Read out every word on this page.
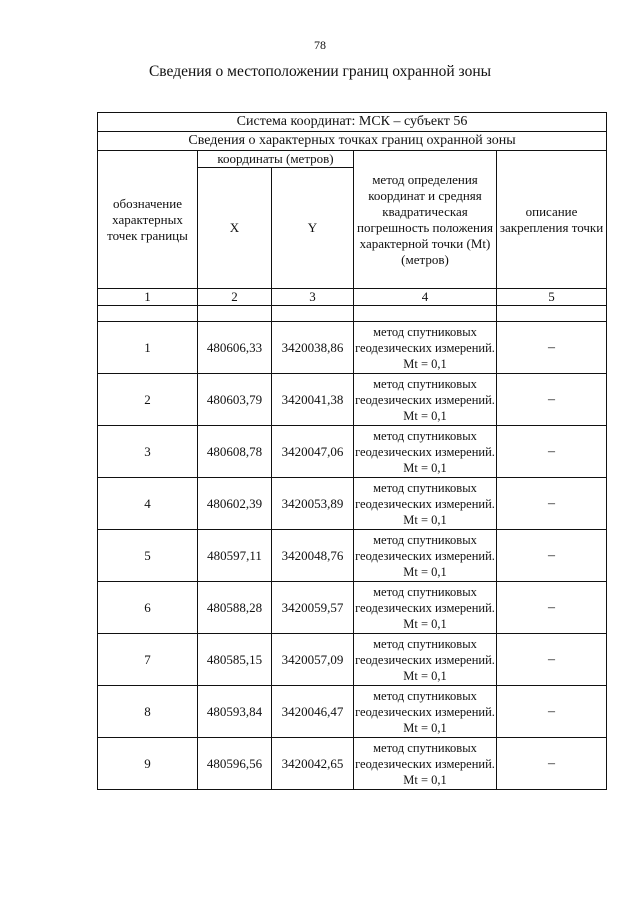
78
Сведения о местоположении границ охранной зоны
Система координат: МСК – субъект 56				
Сведения о характерных точках границ охранной зоны				
обозначение характерных точек границы	координаты (метров)		метод определения координат и средняя квадратическая погрешность положения характерной точки (Mt) (метров)	описание закрепления точки
	X	Y		
1	2	3	4	5

1	480606,33	3420038,86	метод спутниковых геодезических измерений. Mt = 0,1	–
2	480603,79	3420041,38	метод спутниковых геодезических измерений. Mt = 0,1	–
3	480608,78	3420047,06	метод спутниковых геодезических измерений. Mt = 0,1	–
4	480602,39	3420053,89	метод спутниковых геодезических измерений. Mt = 0,1	–
5	480597,11	3420048,76	метод спутниковых геодезических измерений. Mt = 0,1	–
6	480588,28	3420059,57	метод спутниковых геодезических измерений. Mt = 0,1	–
7	480585,15	3420057,09	метод спутниковых геодезических измерений. Mt = 0,1	–
8	480593,84	3420046,47	метод спутниковых геодезических измерений. Mt = 0,1	–
9	480596,56	3420042,65	метод спутниковых геодезических измерений. Mt = 0,1	–
